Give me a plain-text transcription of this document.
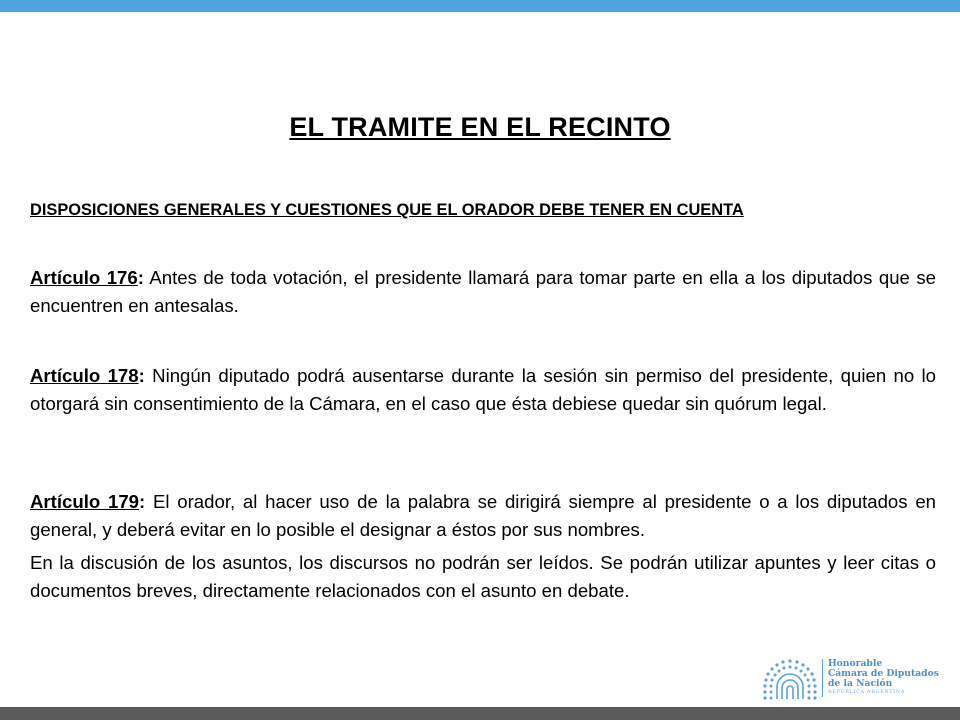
EL TRAMITE EN EL RECINTO

DISPOSICIONES GENERALES Y CUESTIONES QUE EL ORADOR DEBE TENER EN CUENTA

Artículo 176: Antes de toda votación, el presidente llamará para tomar parte en ella a los diputados que se encuentren en antesalas.

Artículo 178: Ningún diputado podrá ausentarse durante la sesión sin permiso del presidente, quien no lo otorgará sin consentimiento de la Cámara, en el caso que ésta debiese quedar sin quórum legal.

Artículo 179: El orador, al hacer uso de la palabra se dirigirá siempre al presidente o a los diputados en general, y deberá evitar en lo posible el designar a éstos por sus nombres.

En la discusión de los asuntos, los discursos no podrán ser leídos. Se podrán utilizar apuntes y leer citas o documentos breves, directamente relacionados con el asunto en debate.

Honorable
Cámara de Diputados
de la Nación
REPÚBLICA ARGENTINA
